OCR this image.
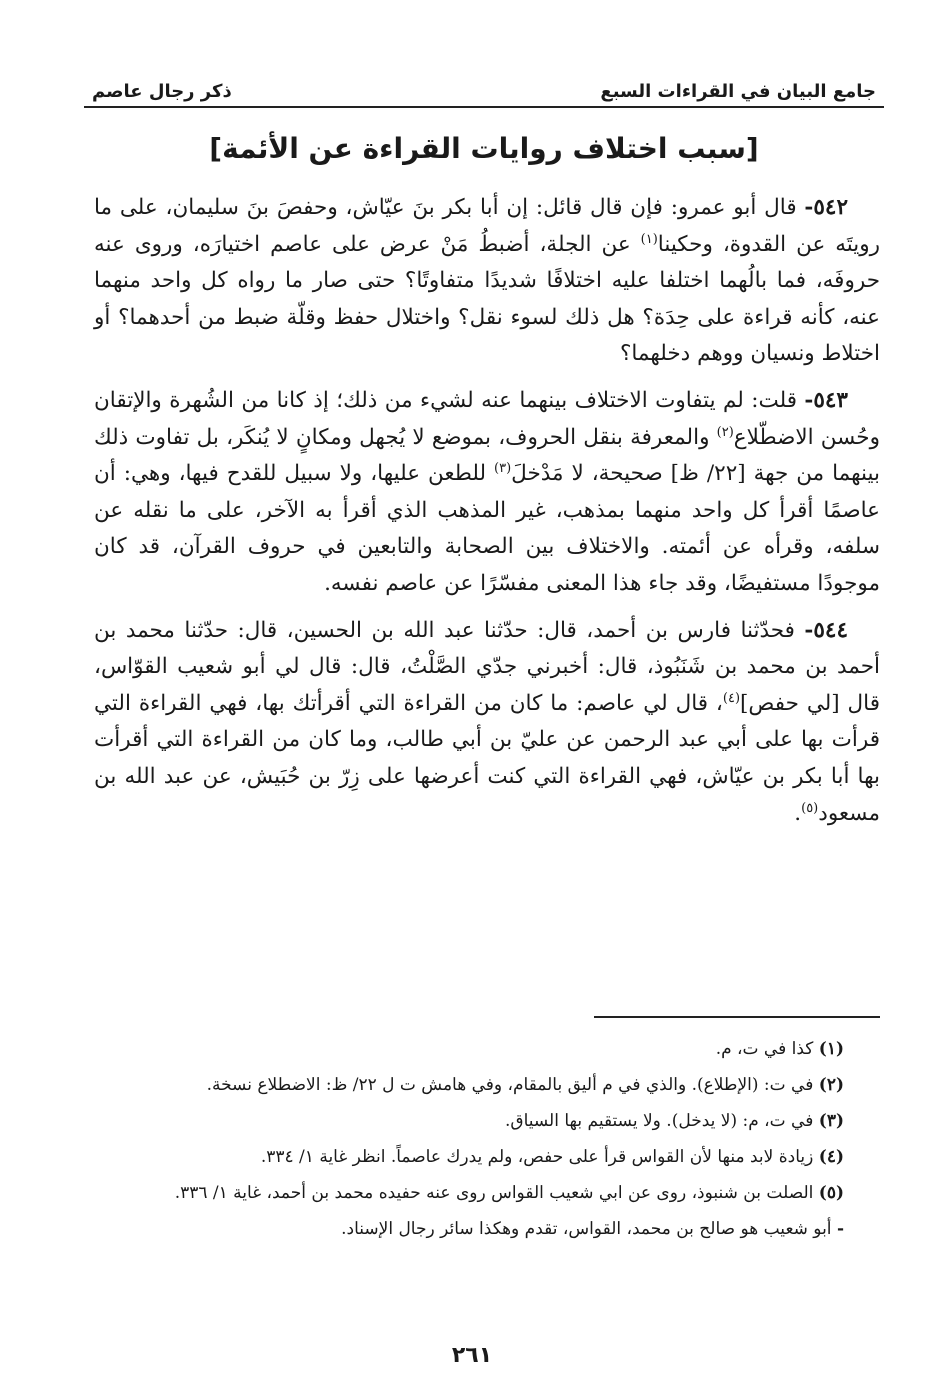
جامع البيان في القراءات السبع
ذكر رجال عاصم
[سبب اختلاف روايات القراءة عن الأئمة]

٥٤٢- قال أبو عمرو: فإن قال قائل: إن أبا بكر بنَ عيّاش، وحفصَ بنَ سليمان، على ما رويتَه عن القدوة، وحكينا$^{(١)}$ عن الجلة، أضبطُ مَنْ عرض على عاصم اختيارَه، وروى عنه حروفَه، فما بالُهما اختلفا عليه اختلافًا شديدًا متفاوتًا؟ حتى صار ما رواه كل واحد منهما عنه، كأنه قراءة على حِدَة؟ هل ذلك لسوء نقل؟ واختلال حفظ وقلّة ضبط من أحدهما؟ أو اختلاط ونسيان ووهم دخلهما؟

٥٤٣- قلت: لم يتفاوت الاختلاف بينهما عنه لشيء من ذلك؛ إذ كانا من الشُهرة والإتقان وحُسن الاضطّلاع$^{(٢)}$ والمعرفة بنقل الحروف، بموضع لا يُجهل ومكانٍ لا يُنكَر، بل تفاوت ذلك بينهما من جهة [٢٢/ ظ] صحيحة، لا مَدْخلَ$^{(٣)}$ للطعن عليها، ولا سبيل للقدح فيها، وهي: أن عاصمًا أقرأ كل واحد منهما بمذهب، غير المذهب الذي أقرأ به الآخر، على ما نقله عن سلفه، وقرأه عن أئمته. والاختلاف بين الصحابة والتابعين في حروف القرآن، قد كان موجودًا مستفيضًا، وقد جاء هذا المعنى مفسّرًا عن عاصم نفسه.

٥٤٤- فحدّثنا فارس بن أحمد، قال: حدّثنا عبد الله بن الحسين، قال: حدّثنا محمد بن أحمد بن محمد بن شَنَبُوذ، قال: أخبرني جدّي الصَّلْتُ، قال: قال لي أبو شعيب القوّاس، قال [لي حفص]$^{(٤)}$، قال لي عاصم: ما كان من القراءة التي أقرأتك بها، فهي القراءة التي قرأت بها على أبي عبد الرحمن عن عليّ بن أبي طالب، وما كان من القراءة التي أقرأت بها أبا بكر بن عيّاش، فهي القراءة التي كنت أعرضها على زِرّ بن حُبَيش، عن عبد الله بن مسعود$^{(٥)}$.

(١) كذا في ت، م.
(٢) في ت: (الإطلاع). والذي في م أليق بالمقام، وفي هامش ت ل ٢٢/ ظ: الاضطلاع نسخة.
(٣) في ت، م: (لا يدخل). ولا يستقيم بها السياق.
(٤) زيادة لابد منها لأن القواس قرأ على حفص، ولم يدرك عاصماً. انظر غاية ١/ ٣٣٤.
(٥) الصلت بن شنبوذ، روى عن ابي شعيب القواس روى عنه حفيده محمد بن أحمد، غاية ١/ ٣٣٦.
- أبو شعيب هو صالح بن محمد، القواس، تقدم وهكذا سائر رجال الإسناد.
٢٦١
